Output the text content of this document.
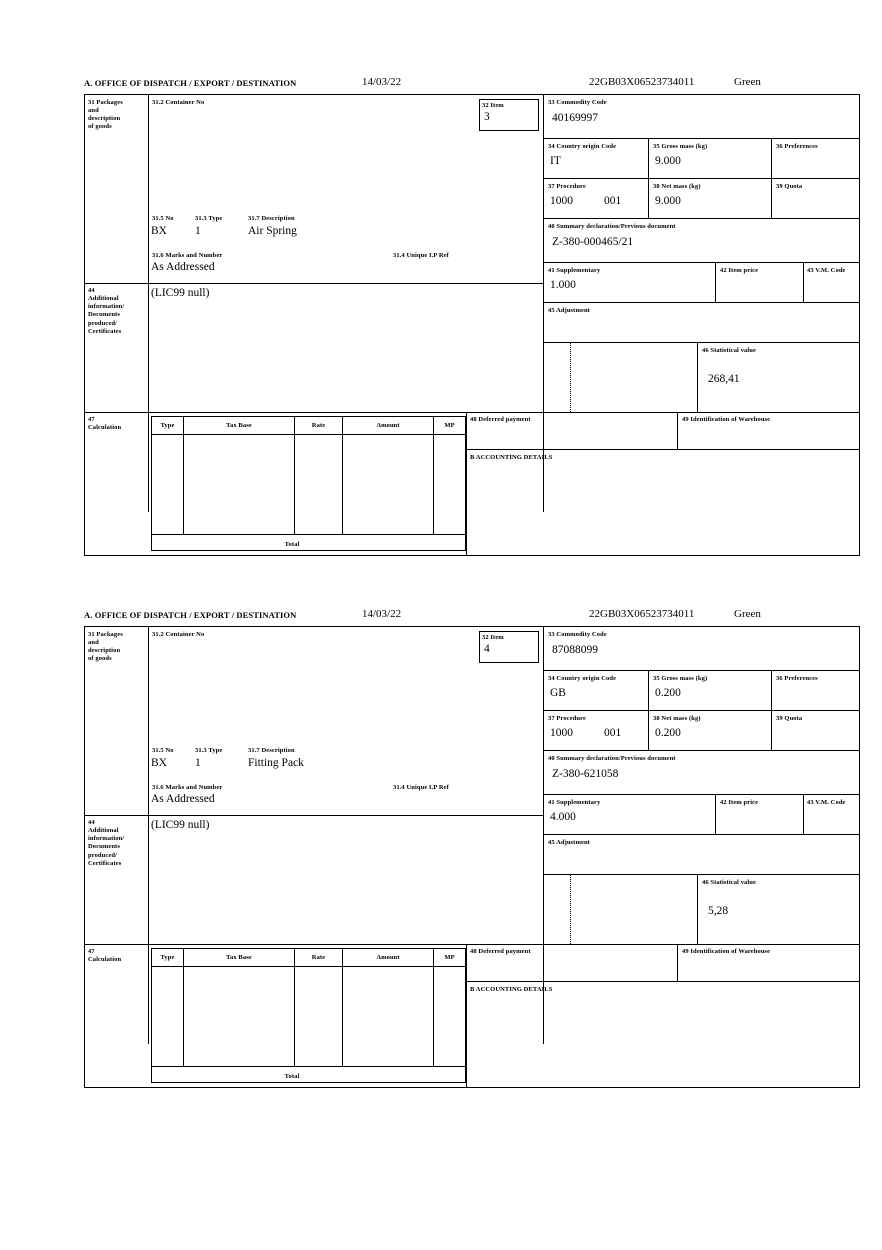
A. OFFICE OF DISPATCH / EXPORT / DESTINATION	14/03/22	22GB03X06523734011	Green
31 Packages
and
description
of goods
31.2 Container No
31.5 No	31.3 Type	31.7 Description
BX 1	Air Spring
31.6 Marks and Number	31.4 Unique I.P Ref
As Addressed
32 Item
3
33 Commodity Code
40169997
34 Country origin Code
IT
35 Gross mass (kg)
9.000
36 Preferences
37 Procedure
1000	001
38 Net mass (kg)
9.000
39 Quota
40 Summary declaration/Previous document
Z-380-000465/21
41 Supplementary
1.000
42 Item price	43 V.M. Code
45 Adjustment
46 Statistical value
268,41
44
Additional
information/
Documents
produced/
Certificates
(LIC99 null)
47
Calculation	Type	Tax Base	Rate	Amount	MP
Total
48 Deferred payment	49 Identification of Warehouse
B ACCOUNTING DETAILS
A. OFFICE OF DISPATCH / EXPORT / DESTINATION	14/03/22	22GB03X06523734011	Green
31 Packages
and
description
of goods
31.2 Container No
31.5 No	31.3 Type	31.7 Description
BX 1	Fitting Pack
31.6 Marks and Number	31.4 Unique I.P Ref
As Addressed
32 Item
4
33 Commodity Code
87088099
34 Country origin Code
GB
35 Gross mass (kg)
0.200
36 Preferences
37 Procedure
1000	001
38 Net mass (kg)
0.200
39 Quota
40 Summary declaration/Previous document
Z-380-621058
41 Supplementary
4.000
42 Item price	43 V.M. Code
45 Adjustment
46 Statistical value
5,28
44
Additional
information/
Documents
produced/
Certificates
(LIC99 null)
47
Calculation	Type	Tax Base	Rate	Amount	MP
Total
48 Deferred payment	49 Identification of Warehouse
B ACCOUNTING DETAILS
